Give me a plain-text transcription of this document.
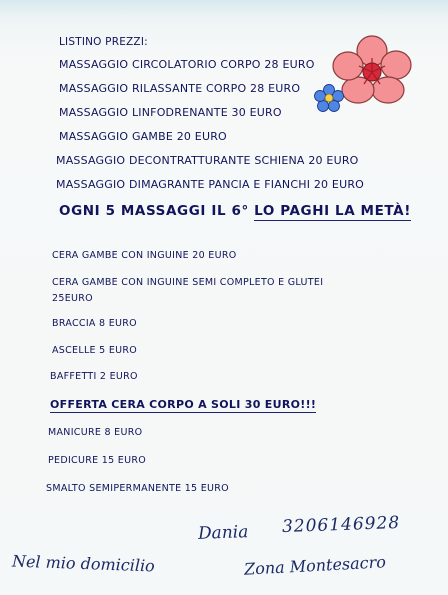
LISTINO PREZZI:
MASSAGGIO CIRCOLATORIO CORPO 28 EURO
MASSAGGIO RILASSANTE CORPO 28 EURO
MASSAGGIO LINFODRENANTE 30 EURO
MASSAGGIO GAMBE 20 EURO
MASSAGGIO DECONTRATTURANTE SCHIENA 20 EURO
MASSAGGIO DIMAGRANTE PANCIA E FIANCHI 20 EURO
OGNI 5 MASSAGGI IL 6° LO PAGHI LA METÀ!
CERA GAMBE CON INGUINE 20 EURO
CERA GAMBE CON INGUINE SEMI COMPLETO E GLUTEI
25EURO
BRACCIA 8 EURO
ASCELLE 5 EURO
BAFFETTI 2 EURO
OFFERTA CERA CORPO A SOLI 30 EURO!!!
MANICURE 8 EURO
PEDICURE 15 EURO
SMALTO SEMIPERMANENTE 15 EURO
Dania 3206146928
Nel mio domicilio	Zona Montesacro
